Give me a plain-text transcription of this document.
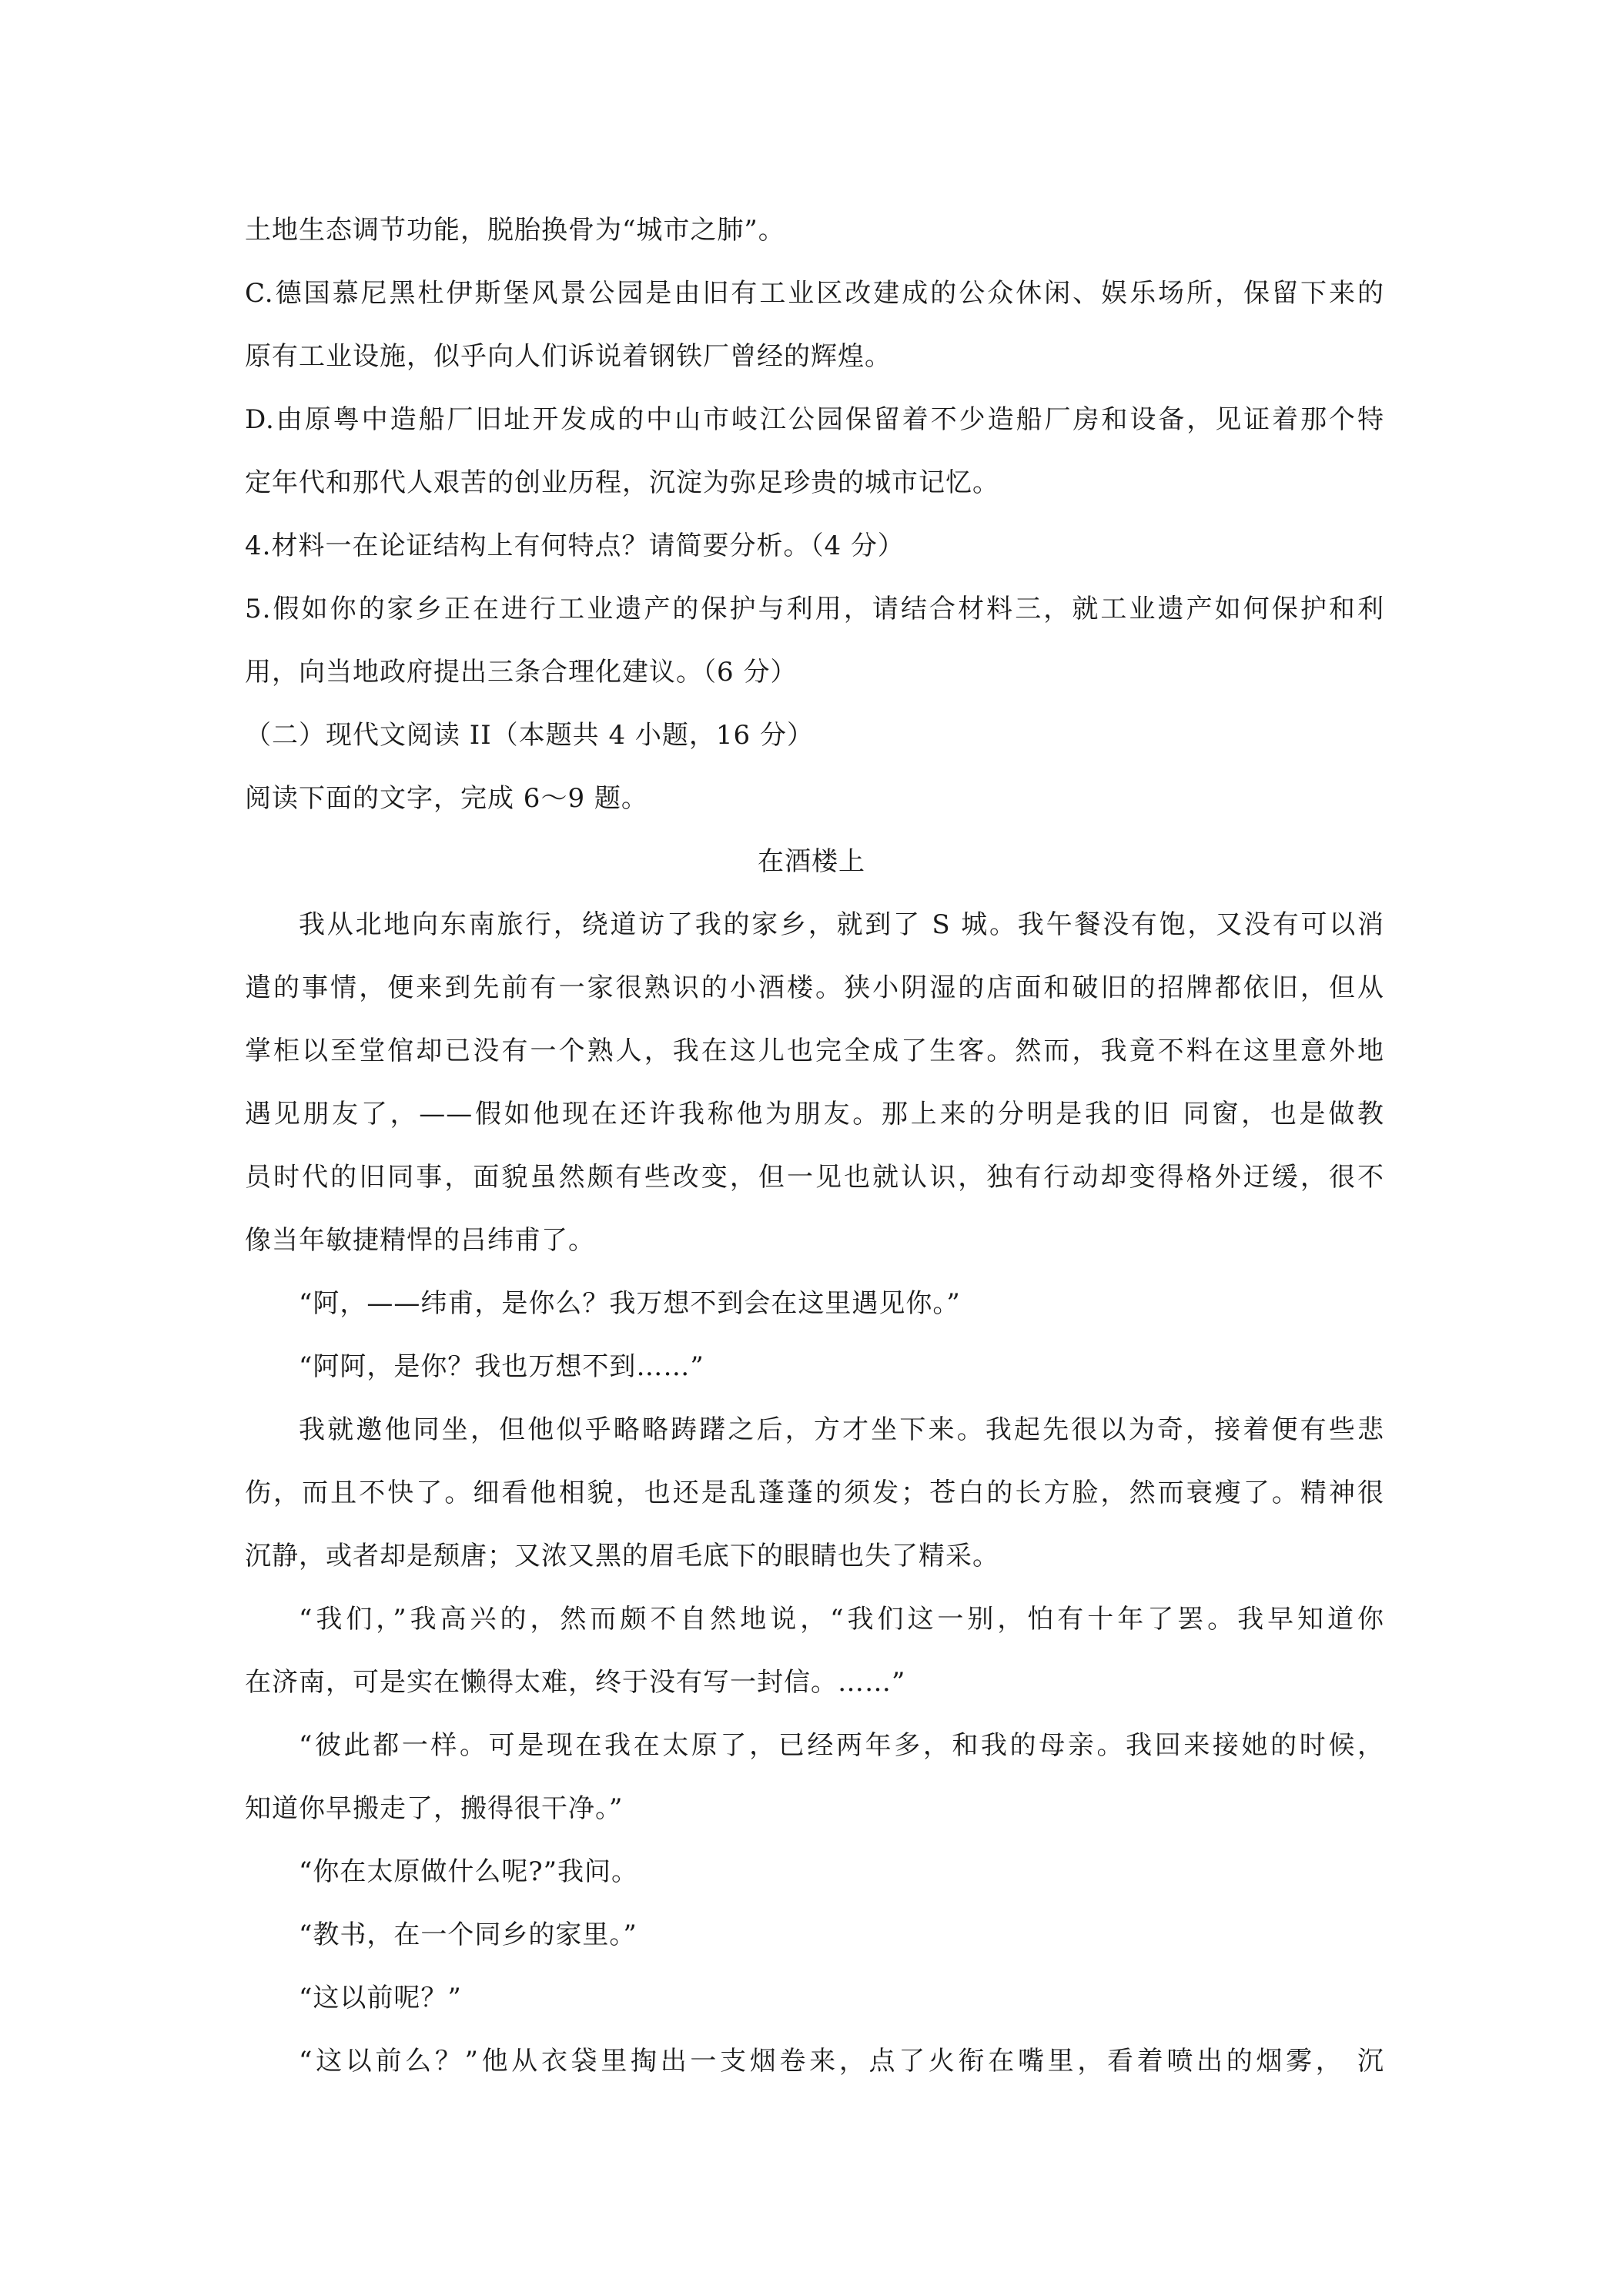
土地生态调节功能，脱胎换骨为“城市之肺”。
C.德国慕尼黑杜伊斯堡风景公园是由旧有工业区改建成的公众休闲、娱乐场所，保留下来的
原有工业设施，似乎向人们诉说着钢铁厂曾经的辉煌。
D.由原粤中造船厂旧址开发成的中山市岐江公园保留着不少造船厂房和设备，见证着那个特
定年代和那代人艰苦的创业历程，沉淀为弥足珍贵的城市记忆。
4.材料一在论证结构上有何特点？请简要分析。（4 分）
5.假如你的家乡正在进行工业遗产的保护与利用，请结合材料三，就工业遗产如何保护和利
用，向当地政府提出三条合理化建议。（6 分）
（二）现代文阅读 II（本题共 4 小题，16 分）
阅读下面的文字，完成 6～9 题。
在酒楼上
我从北地向东南旅行，绕道访了我的家乡，就到了 S 城。我午餐没有饱，又没有可以消
遣的事情，便来到先前有一家很熟识的小酒楼。狭小阴湿的店面和破旧的招牌都依旧，但从
掌柜以至堂倌却已没有一个熟人，我在这儿也完全成了生客。然而，我竟不料在这里意外地
遇见朋友了，——假如他现在还许我称他为朋友。那上来的分明是我的旧 同窗，也是做教
员时代的旧同事，面貌虽然颇有些改变，但一见也就认识，独有行动却变得格外迂缓，很不
像当年敏捷精悍的吕纬甫了。
“阿，——纬甫，是你么？我万想不到会在这里遇见你。”
“阿阿，是你？我也万想不到……”
我就邀他同坐，但他似乎略略踌躇之后，方才坐下来。我起先很以为奇，接着便有些悲
伤，而且不快了。细看他相貌，也还是乱蓬蓬的须发；苍白的长方脸，然而衰瘦了。精神很
沉静，或者却是颓唐；又浓又黑的眉毛底下的眼睛也失了精采。
“我们，”我高兴的，然而颇不自然地说，“我们这一别，怕有十年了罢。我早知道你
在济南，可是实在懒得太难，终于没有写一封信。……”
“彼此都一样。可是现在我在太原了，已经两年多，和我的母亲。我回来接她的时候，
知道你早搬走了，搬得很干净。”
“你在太原做什么呢?”我问。
“教书，在一个同乡的家里。”
“这以前呢？”
“这以前么？”他从衣袋里掏出一支烟卷来，点了火衔在嘴里，看着喷出的烟雾， 沉
